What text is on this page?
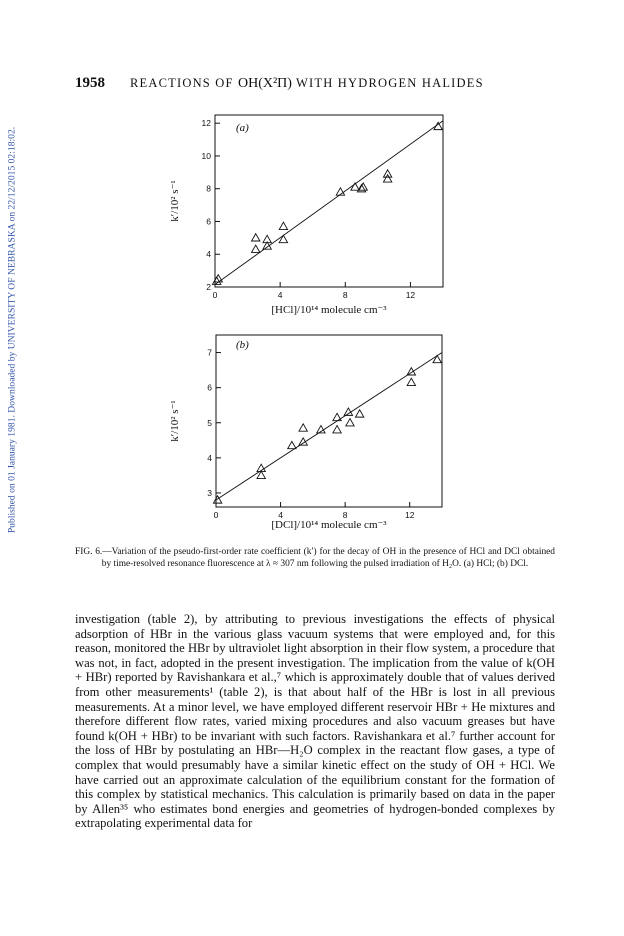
Published on 01 January 1981. Downloaded by UNIVERSITY OF NEBRASKA on 22/12/2015 02:18:02.
1958 REACTIONS OF OH(X²Π) WITH HYDROGEN HALIDES
0	4	8	12
2
4
6
8
10
12 (a)
k′/10² s⁻¹
[HCl]/10¹⁴ molecule cm⁻³
0	4	8	12
3
4
5
6
7
(b)
k′/10² s⁻¹
[DCl]/10¹⁴ molecule cm⁻³
FIG. 6.—Variation of the pseudo-first-order rate coefficient (k′) for the decay of OH in the presence of HCl and DCl obtained by time-resolved resonance fluorescence at λ ≈ 307 nm following the pulsed irradiation of H₂O. (a) HCl; (b) DCl.
investigation (table 2), by attributing to previous investigations the effects of physical adsorption of HBr in the various glass vacuum systems that were employed and, for this reason, monitored the HBr by ultraviolet light absorption in their flow system, a procedure that was not, in fact, adopted in the present investigation. The implication from the value of k(OH + HBr) reported by Ravishankara et al.,⁷ which is approximately double that of values derived from other measurements¹ (table 2), is that about half of the HBr is lost in all previous measurements. At a minor level, we have employed different reservoir HBr + He mixtures and therefore different flow rates, varied mixing procedures and also vacuum greases but have found k(OH + HBr) to be invariant with such factors. Ravishankara et al.⁷ further account for the loss of HBr by postulating an HBr—H₂O complex in the reactant flow gases, a type of complex that would presumably have a similar kinetic effect on the study of OH + HCl. We have carried out an approximate calculation of the equilibrium constant for the formation of this complex by statistical mechanics. This calculation is primarily based on data in the paper by Allen³⁵ who estimates bond energies and geometries of hydrogen-bonded complexes by extrapolating experimental data for
